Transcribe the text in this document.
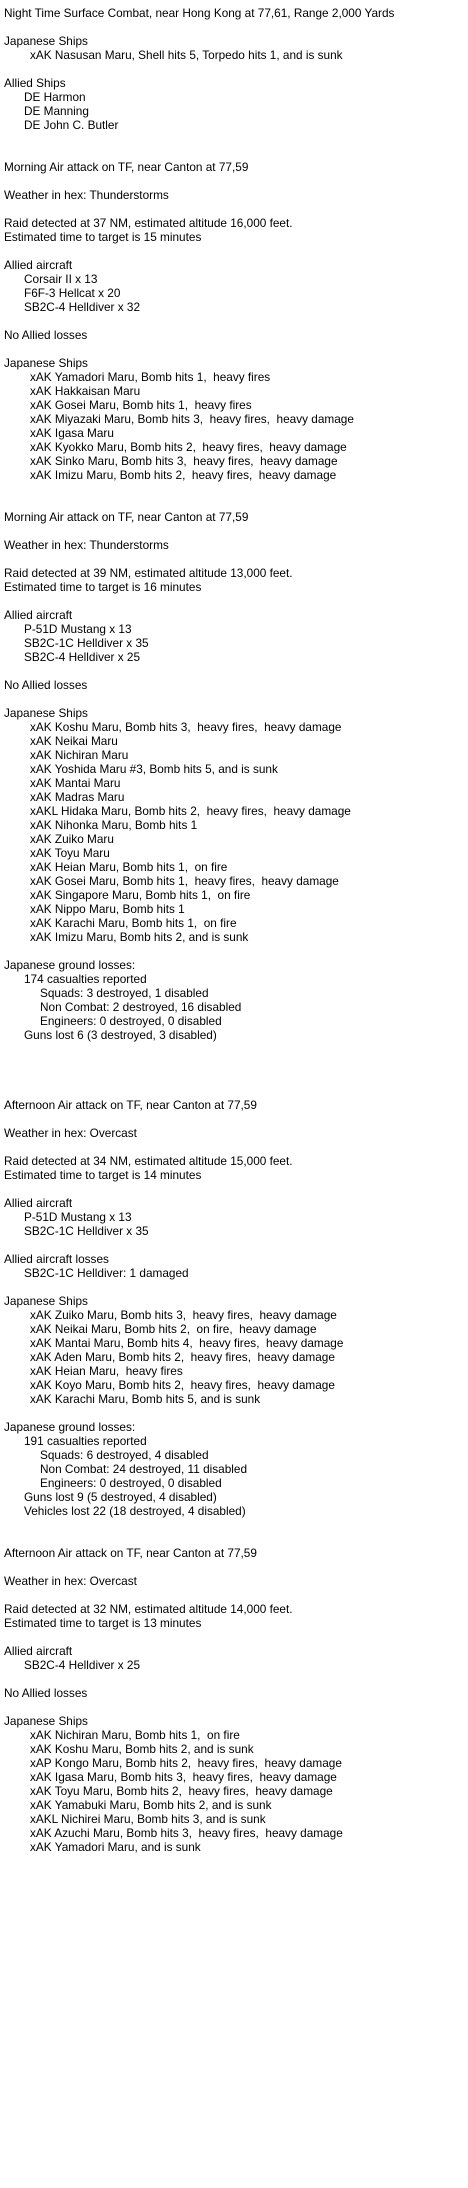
Night Time Surface Combat, near Hong Kong at 77,61, Range 2,000 Yards
Japanese Ships
xAK Nasusan Maru, Shell hits 5, Torpedo hits 1, and is sunk
Allied Ships
DE Harmon
DE Manning
DE John C. Butler
Morning Air attack on TF, near Canton at 77,59
Weather in hex: Thunderstorms
Raid detected at 37 NM, estimated altitude 16,000 feet.
Estimated time to target is 15 minutes
Allied aircraft
Corsair II x 13
F6F-3 Hellcat x 20
SB2C-4 Helldiver x 32
No Allied losses
Japanese Ships
xAK Yamadori Maru, Bomb hits 1,  heavy fires
xAK Hakkaisan Maru
xAK Gosei Maru, Bomb hits 1,  heavy fires
xAK Miyazaki Maru, Bomb hits 3,  heavy fires,  heavy damage
xAK Igasa Maru
xAK Kyokko Maru, Bomb hits 2,  heavy fires,  heavy damage
xAK Sinko Maru, Bomb hits 3,  heavy fires,  heavy damage
xAK Imizu Maru, Bomb hits 2,  heavy fires,  heavy damage
Morning Air attack on TF, near Canton at 77,59
Weather in hex: Thunderstorms
Raid detected at 39 NM, estimated altitude 13,000 feet.
Estimated time to target is 16 minutes
Allied aircraft
P-51D Mustang x 13
SB2C-1C Helldiver x 35
SB2C-4 Helldiver x 25
No Allied losses
Japanese Ships
xAK Koshu Maru, Bomb hits 3,  heavy fires,  heavy damage
xAK Neikai Maru
xAK Nichiran Maru
xAK Yoshida Maru #3, Bomb hits 5, and is sunk
xAK Mantai Maru
xAK Madras Maru
xAKL Hidaka Maru, Bomb hits 2,  heavy fires,  heavy damage
xAK Nihonka Maru, Bomb hits 1
xAK Zuiko Maru
xAK Toyu Maru
xAK Heian Maru, Bomb hits 1,  on fire
xAK Gosei Maru, Bomb hits 1,  heavy fires,  heavy damage
xAK Singapore Maru, Bomb hits 1,  on fire
xAK Nippo Maru, Bomb hits 1
xAK Karachi Maru, Bomb hits 1,  on fire
xAK Imizu Maru, Bomb hits 2, and is sunk
Japanese ground losses:
174 casualties reported
Squads: 3 destroyed, 1 disabled
Non Combat: 2 destroyed, 16 disabled
Engineers: 0 destroyed, 0 disabled
Guns lost 6 (3 destroyed, 3 disabled)
Afternoon Air attack on TF, near Canton at 77,59
Weather in hex: Overcast
Raid detected at 34 NM, estimated altitude 15,000 feet.
Estimated time to target is 14 minutes
Allied aircraft
P-51D Mustang x 13
SB2C-1C Helldiver x 35
Allied aircraft losses
SB2C-1C Helldiver: 1 damaged
Japanese Ships
xAK Zuiko Maru, Bomb hits 3,  heavy fires,  heavy damage
xAK Neikai Maru, Bomb hits 2,  on fire,  heavy damage
xAK Mantai Maru, Bomb hits 4,  heavy fires,  heavy damage
xAK Aden Maru, Bomb hits 2,  heavy fires,  heavy damage
xAK Heian Maru,  heavy fires
xAK Koyo Maru, Bomb hits 2,  heavy fires,  heavy damage
xAK Karachi Maru, Bomb hits 5, and is sunk
Japanese ground losses:
191 casualties reported
Squads: 6 destroyed, 4 disabled
Non Combat: 24 destroyed, 11 disabled
Engineers: 0 destroyed, 0 disabled
Guns lost 9 (5 destroyed, 4 disabled)
Vehicles lost 22 (18 destroyed, 4 disabled)
Afternoon Air attack on TF, near Canton at 77,59
Weather in hex: Overcast
Raid detected at 32 NM, estimated altitude 14,000 feet.
Estimated time to target is 13 minutes
Allied aircraft
SB2C-4 Helldiver x 25
No Allied losses
Japanese Ships
xAK Nichiran Maru, Bomb hits 1,  on fire
xAK Koshu Maru, Bomb hits 2, and is sunk
xAP Kongo Maru, Bomb hits 2,  heavy fires,  heavy damage
xAK Igasa Maru, Bomb hits 3,  heavy fires,  heavy damage
xAK Toyu Maru, Bomb hits 2,  heavy fires,  heavy damage
xAK Yamabuki Maru, Bomb hits 2, and is sunk
xAKL Nichirei Maru, Bomb hits 3, and is sunk
xAK Azuchi Maru, Bomb hits 3,  heavy fires,  heavy damage
xAK Yamadori Maru, and is sunk
